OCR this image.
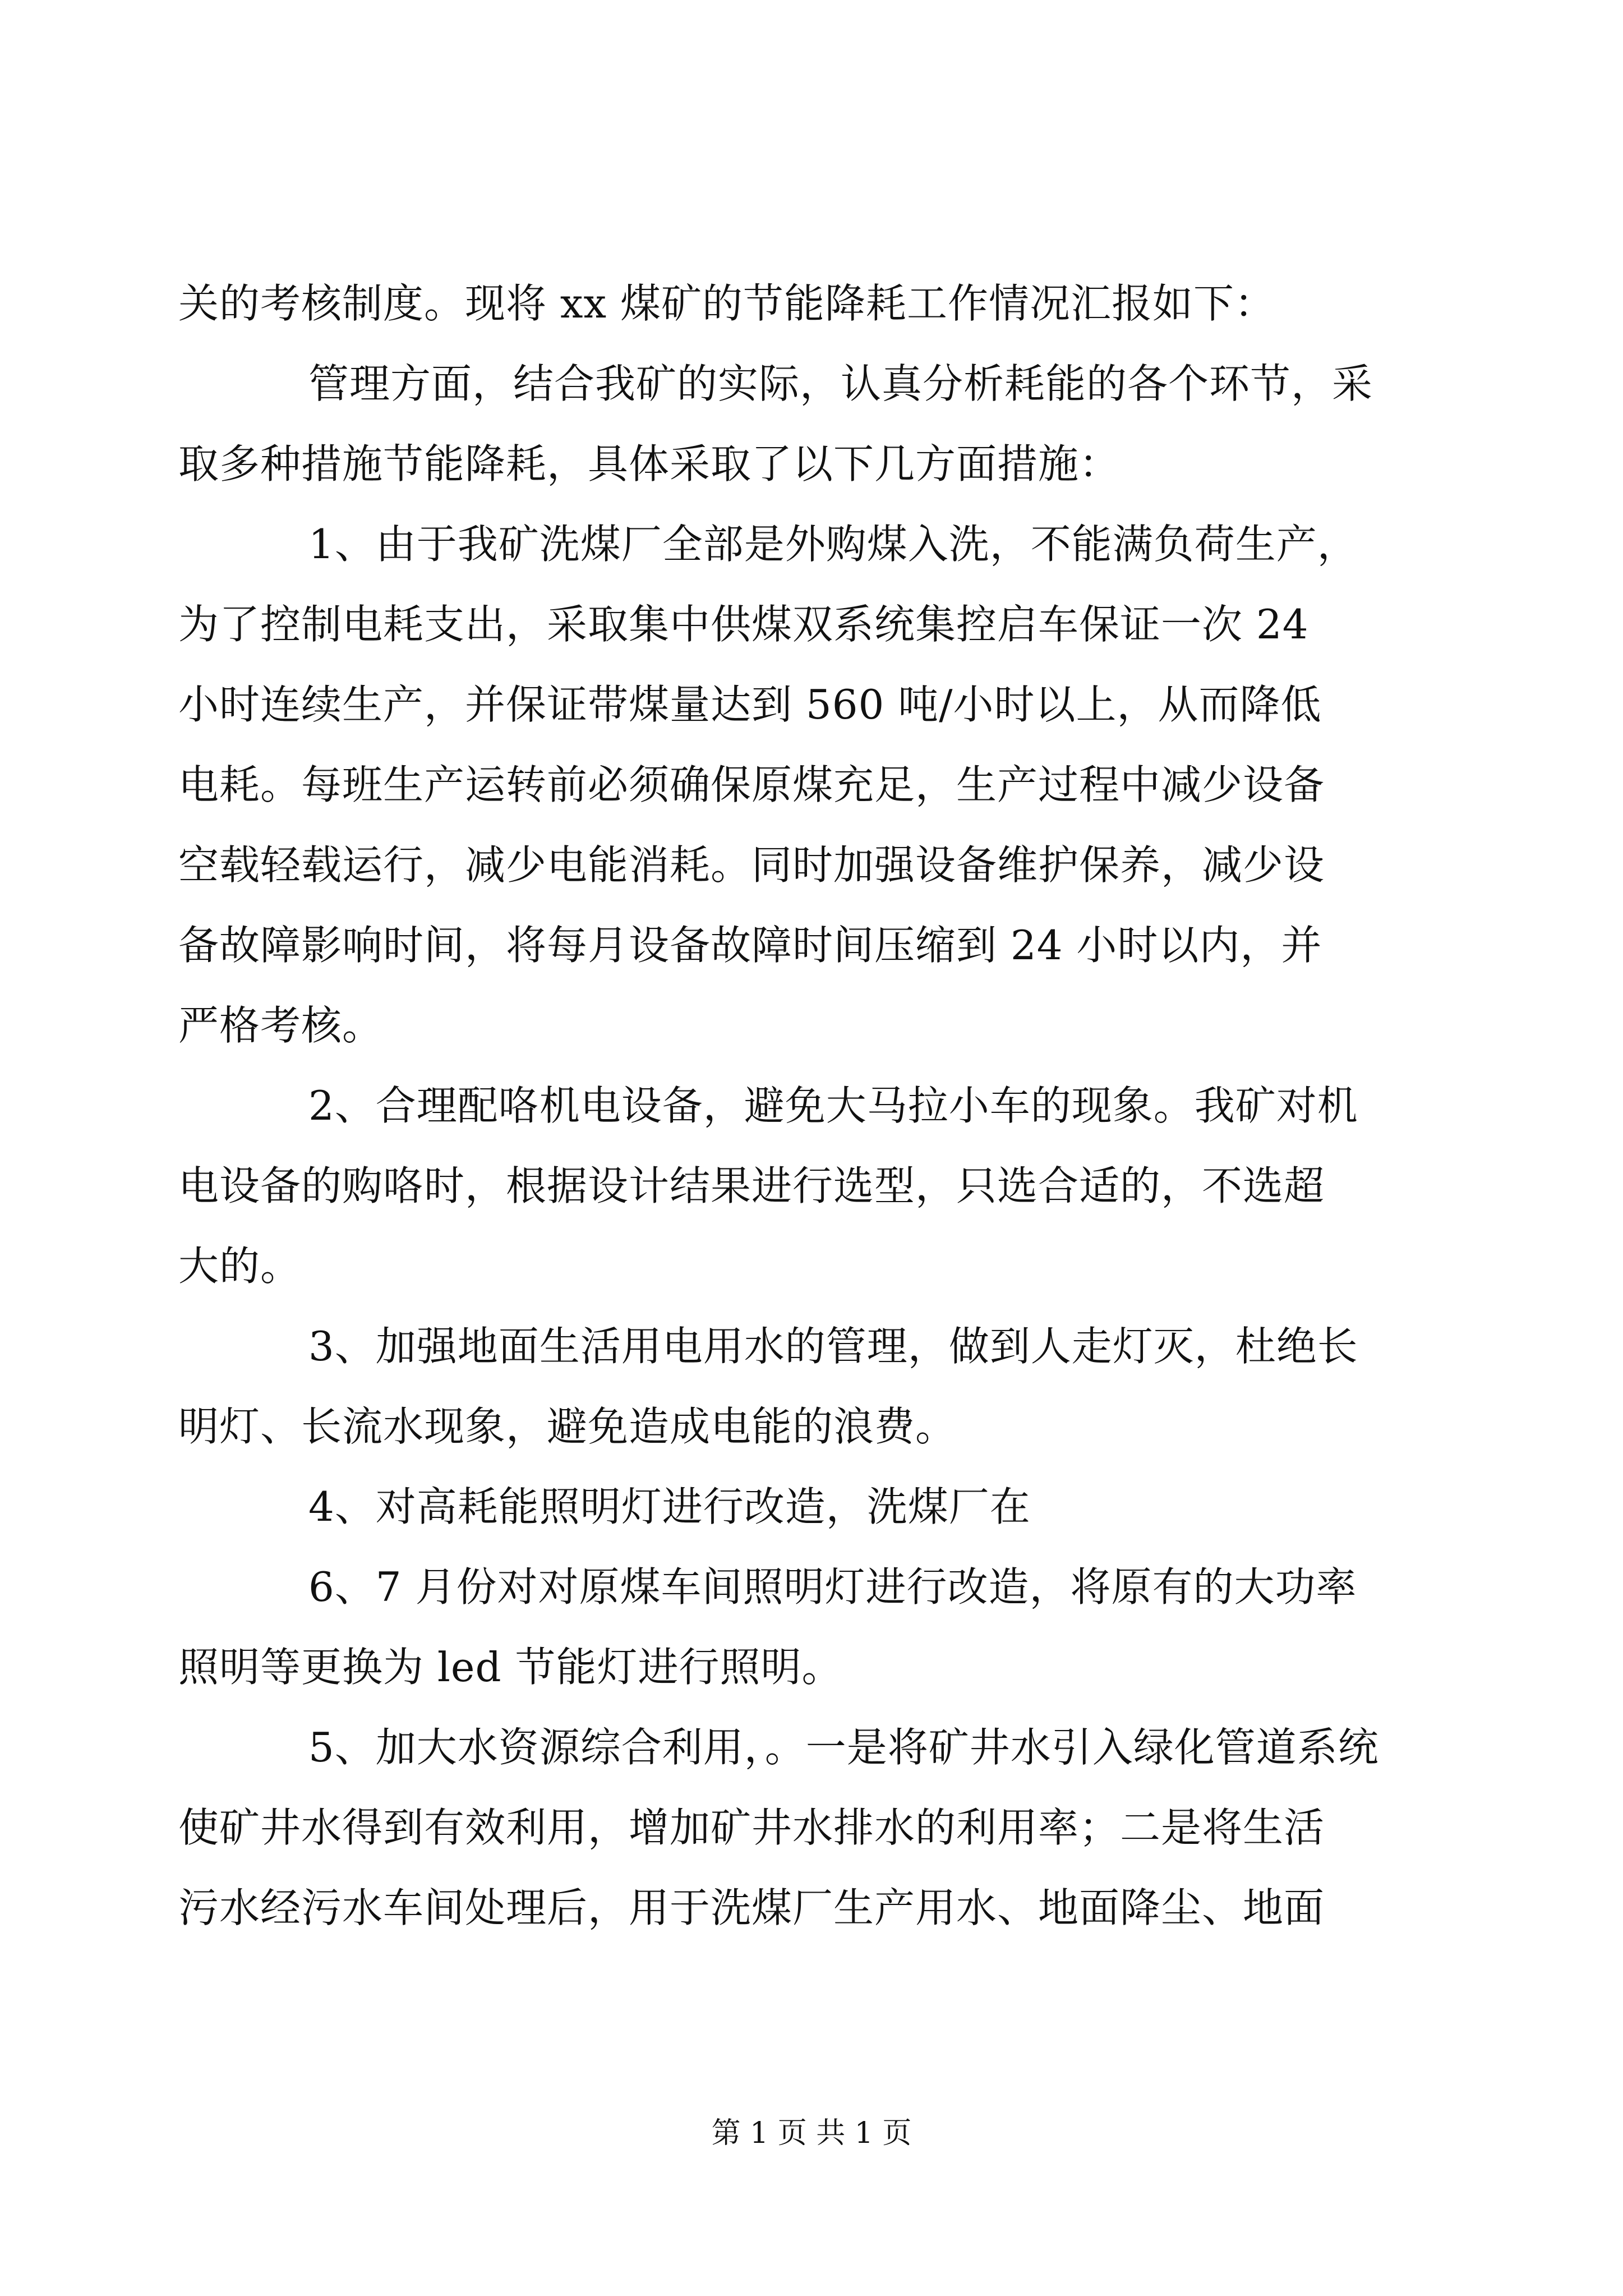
关的考核制度。现将 xx 煤矿的节能降耗工作情况汇报如下：
管理方面，结合我矿的实际，认真分析耗能的各个环节，采
取多种措施节能降耗，具体采取了以下几方面措施：
1、由于我矿洗煤厂全部是外购煤入洗，不能满负荷生产，
为了控制电耗支出，采取集中供煤双系统集控启车保证一次 24
小时连续生产，并保证带煤量达到 560 吨/小时以上，从而降低
电耗。每班生产运转前必须确保原煤充足，生产过程中减少设备
空载轻载运行，减少电能消耗。同时加强设备维护保养，减少设
备故障影响时间，将每月设备故障时间压缩到 24 小时以内，并
严格考核。
2、合理配咯机电设备，避免大马拉小车的现象。我矿对机
电设备的购咯时，根据设计结果进行选型，只选合适的，不选超
大的。
3、加强地面生活用电用水的管理，做到人走灯灭，杜绝长
明灯、长流水现象，避免造成电能的浪费。
4、对高耗能照明灯进行改造，洗煤厂在
6、7 月份对对原煤车间照明灯进行改造，将原有的大功率
照明等更换为 led 节能灯进行照明。
5、加大水资源综合利用，。一是将矿井水引入绿化管道系统
使矿井水得到有效利用，增加矿井水排水的利用率；二是将生活
污水经污水车间处理后，用于洗煤厂生产用水、地面降尘、地面
第 1 页 共 1 页
